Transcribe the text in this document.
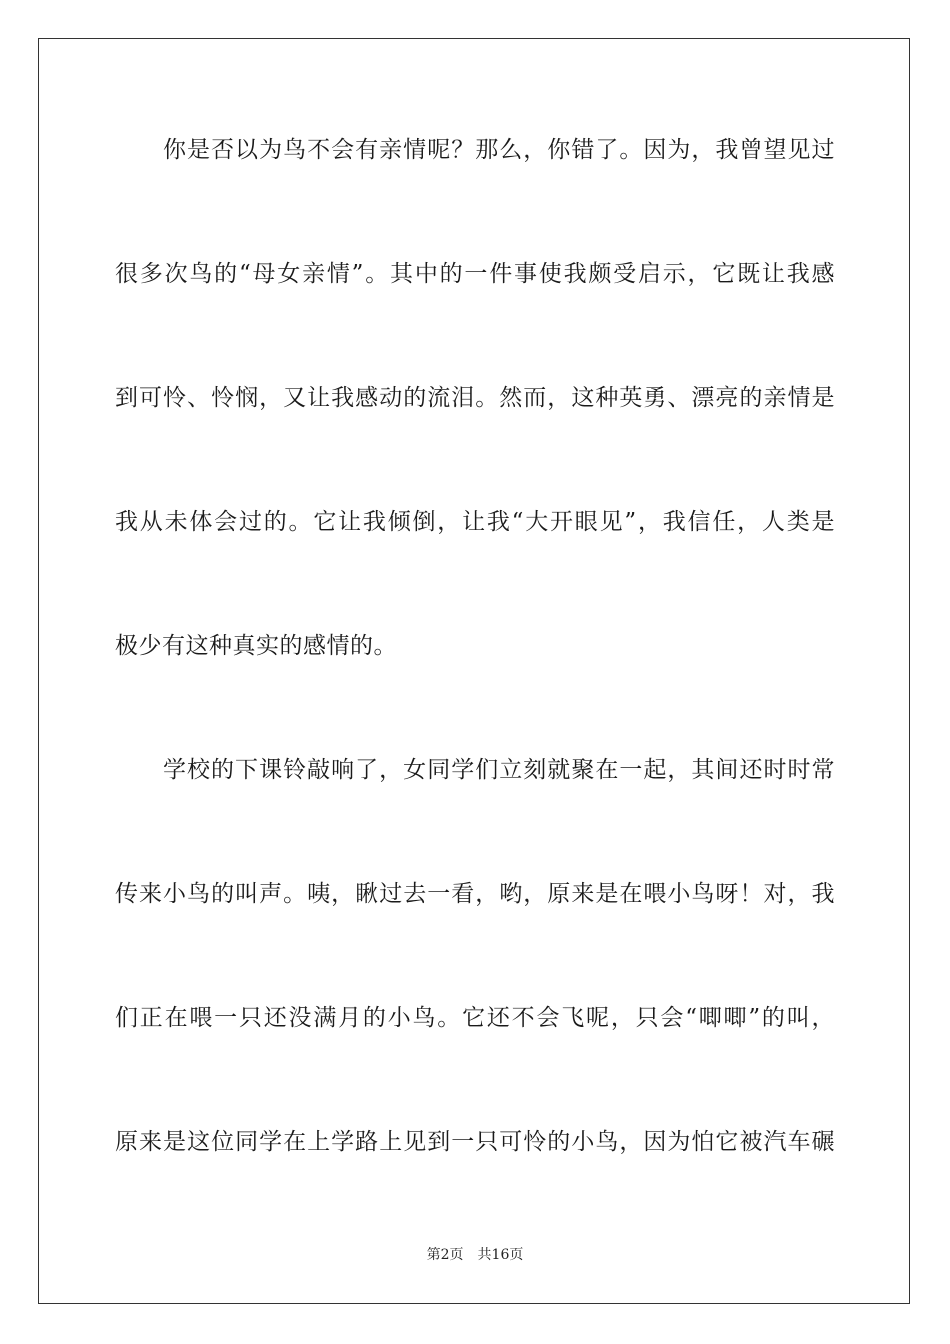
你是否以为鸟不会有亲情呢？那么，你错了。因为，我曾望见过
很多次鸟的“母女亲情”。其中的一件事使我颇受启示，它既让我感
到可怜、怜悯，又让我感动的流泪。然而，这种英勇、漂亮的亲情是
我从未体会过的。它让我倾倒，让我“大开眼见”，我信任，人类是
极少有这种真实的感情的。
学校的下课铃敲响了，女同学们立刻就聚在一起，其间还时时常
传来小鸟的叫声。咦，瞅过去一看，哟，原来是在喂小鸟呀！对，我
们正在喂一只还没满月的小鸟。它还不会飞呢，只会“唧唧”的叫，
原来是这位同学在上学路上见到一只可怜的小鸟，因为怕它被汽车碾
第2页 共16页
